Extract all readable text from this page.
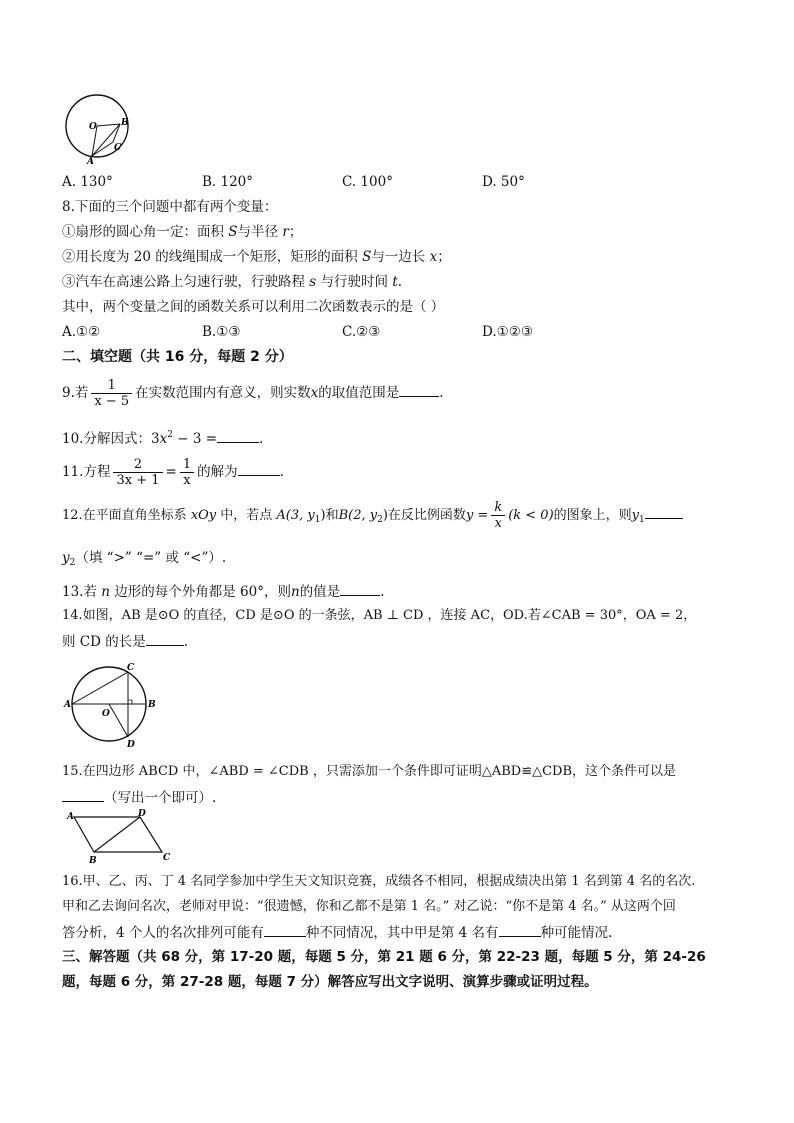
O	B
C
A
A. 130°	B. 120°	C. 100°	D. 50°
8.下面的三个问题中都有两个变量：
①扇形的圆心角一定：面积 S与半径 r；
②用长度为 20 的线绳围成一个矩形，矩形的面积 S与一边长 x；
③汽车在高速公路上匀速行驶，行驶路程 s 与行驶时间 t.
其中，两个变量之间的函数关系可以利用二次函数表示的是（ ）
A.①②	B.①③	C.②③	D.①②③
二、填空题（共 16 分，每题 2 分）
9.若 $\frac{1}{x - 5}$ 在实数范围内有意义，则实数x的取值范围是	.
10.分解因式：$3x^2 - 3$ =	.
11.方程 $\frac{2}{3x + 1} = \frac{1}{x}$ 的解为	.
12.在平面直角坐标系 xOy 中，若点 A(3, $y_1$)和B(2, $y_2$)在反比例函数$y = \frac{k}{x} (k < 0)$的图象上，则$y_1$
$y_2$（填 “>” “=” 或 “<”）.
13.若 n 边形的每个外角都是 60°，则n的值是	.
14.如图，AB 是⊙O 的直径，CD 是⊙O 的一条弦，AB ⊥ CD ，连接 AC，OD.若∠CAB = 30°，OA = 2，
则 CD 的长是	.
C
A
O
B
D
15.在四边形 ABCD 中，∠ABD = ∠CDB ，只需添加一个条件即可证明△ABD≌△CDB，这个条件可以是
（写出一个即可）.
A	D
B	C
16.甲、乙、丙、丁 4 名同学参加中学生天文知识竞赛，成绩各不相同，根据成绩决出第 1 名到第 4 名的名次.
甲和乙去询问名次，老师对甲说：“很遗憾，你和乙都不是第 1 名。” 对乙说：“你不是第 4 名。” 从这两个回
答分析，4 个人的名次排列可能有	种不同情况，其中甲是第 4 名有	种可能情况.
三、解答题（共 68 分，第 17-20 题，每题 5 分，第 21 题 6 分，第 22-23 题，每题 5 分，第 24-26
题，每题 6 分，第 27-28 题，每题 7 分）解答应写出文字说明、演算步骤或证明过程。
